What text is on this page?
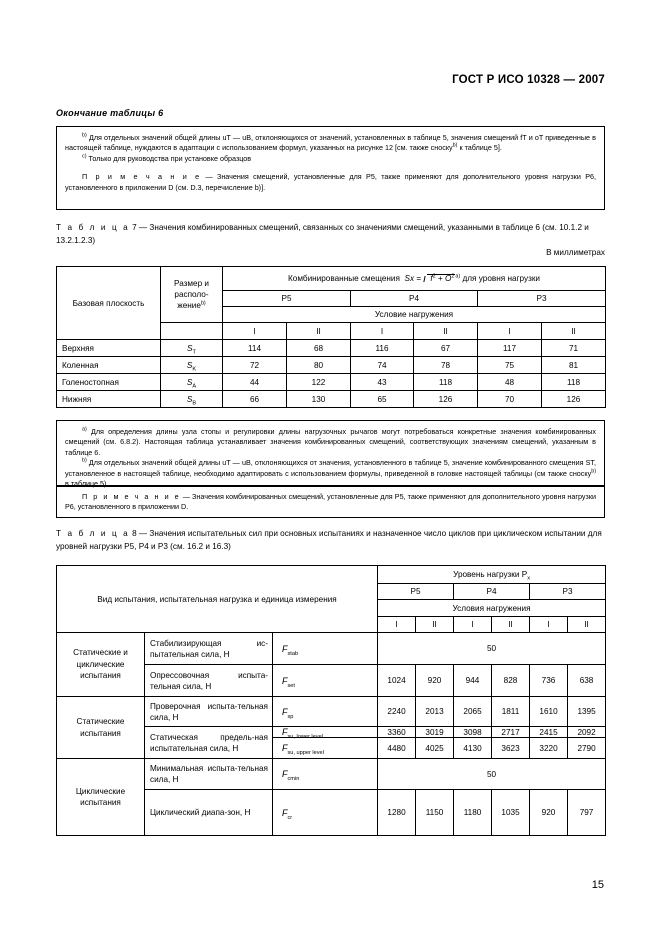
ГОСТ Р ИСО 10328 — 2007
Окончание таблицы 6

$^{b)}$ Для отдельных значений общей длины uT — uB, отклоняющихся от значений, установленных в таблице 5, значения смещений fT и oT приведенные в настоящей таблице, нуждаются в адаптации с использованием формул, указанных на рисунке 12 [см. также сноску$^{b)}$ к таблице 5].

$^{c)}$ Только для руководства при установке образцов

П р и м е ч а н и е — Значения смещений, установленные для P5, также применяют для дополнительного уровня нагрузки P6, установленного в приложении D (см. D.3, перечисление b)].

Т а б л и ц а 7 — Значения комбинированных смещений, связанных со значениями смещений, указанными в таблице 6 (см. 10.1.2 и 13.2.1.2.3)
В миллиметрах
Базовая плоскость	Размер и
располо-
жение$^{b)}$	Комбинированные смещения $Sx = f^2 + O^{2a)}$ для уровня нагрузки					
		P5		P4		P3	
		Условие нагружения					
		I	II	I	II	I	II
Верхняя	$S_T$	114	68	116	67	117	71
Коленная	$S_K$	72	80	74	78	75	81
Голеностопная	$S_A$	44	122	43	118	48	118
Нижняя	$S_B$	66	130	65	126	70	126

$^{a)}$ Для определения длины узла стопы и регулировки длины нагрузочных рычагов могут потребоваться конкретные значения комбинированных смещений (см. 6.8.2). Настоящая таблица устанавливает значения комбинированных смещений, соответствующих значениям смещений, указанным в таблице 6.

$^{b)}$ Для отдельных значений общей длины uT — uB, отклоняющихся от значения, установленного в таблице 5, значение комбинированного смещения ST, установленное в настоящей таблице, необходимо адаптировать с использованием формулы, приведенной в головке настоящей таблицы (см также сноску$^{b)}$ в таблице 5).

П р и м е ч а н и е — Значения комбинированных смещений, установленные для P5, также применяют для дополнительного уровня нагрузки P6, установленного в приложении D.

Т а б л и ц а 8 — Значения испытательных сил при основных испытаниях и назначенное число циклов при циклическом испытании для уровней нагрузки P5, P4 и P3 (см. 16.2 и 16.3)
Вид испытания, испытательная нагрузка и единица измерения			Уровень нагрузки $P_x$
			P5		P4		P3	
			Условия нагружения					
			I	II	I	II	I	II
Статические и циклические испытания	Стабилизирующая ис-пытательная сила, Н	$F_{stab}$	50					
	Опрессовочная испыта-тельная сила, Н	$F_{set}$	1024	920	944	828	736	638
Статические испытания	Проверочная испыта-тельная сила, Н	$F_{sp}$	2240	2013	2065	1811	1610	1395
	Статическая предель-ная испытательная сила, Н	$F_{su, lower level}$	3360	3019	3098	2717	2415	2092
		$F_{su, upper level}$	4480	4025	4130	3623	3220	2790
Циклические испытания	Минимальная испыта-тельная сила, Н	$F_{cmin}$	50					
	Циклический диапа-зон, Н	$F_{cr}$	1280	1150	1180	1035	920	797
15
